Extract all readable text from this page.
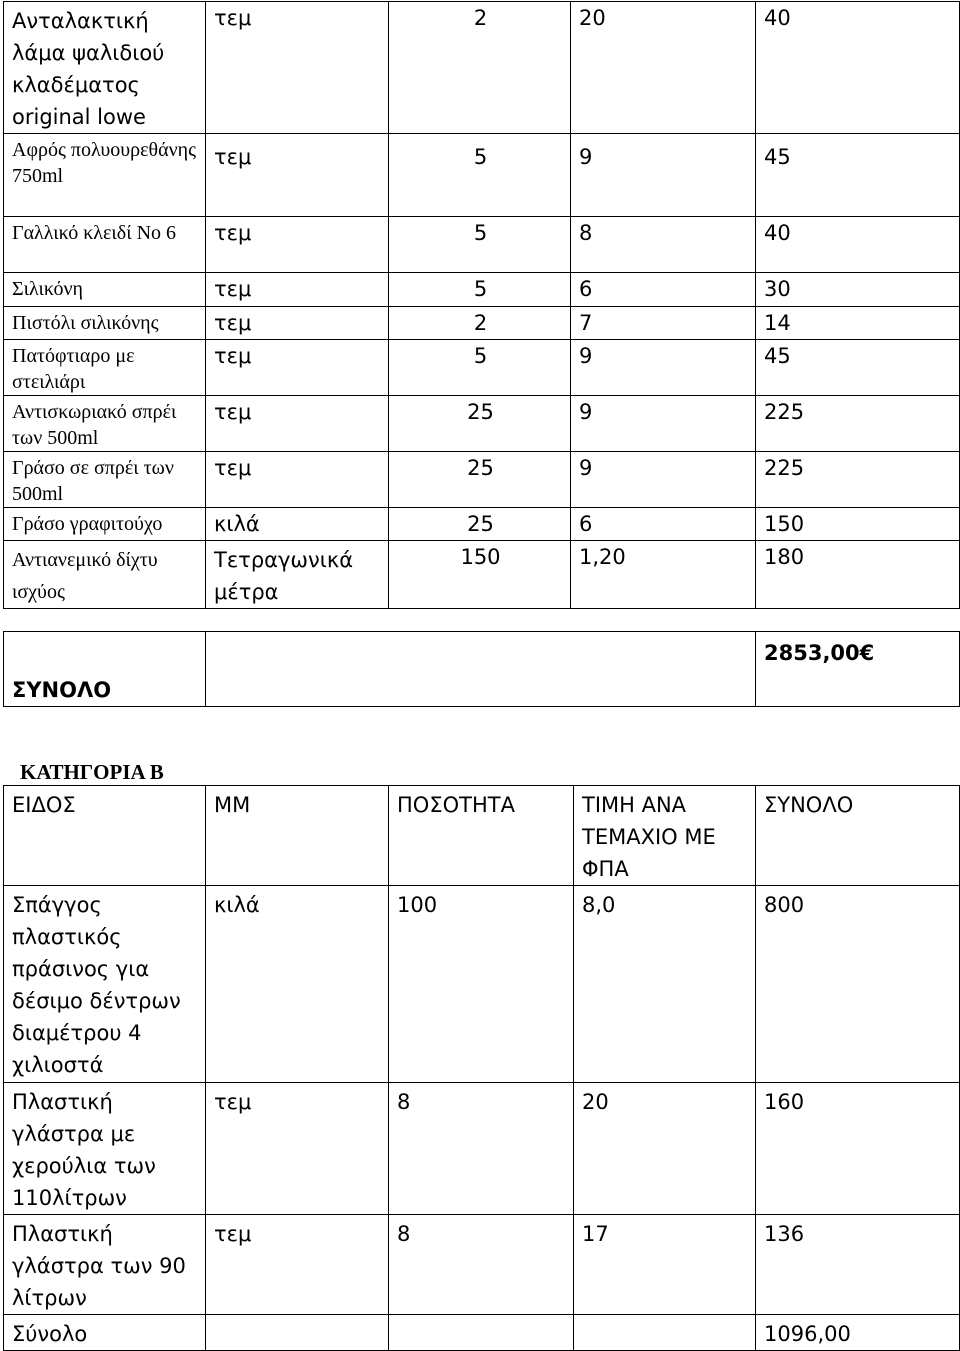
Ανταλακτική λάμα ψαλιδιού κλαδέματος original lowe	τεμ	2	20	40
Αφρός πολυουρεθάνης 750ml	τεμ	5	9	45
Γαλλικό κλειδί Νο 6	τεμ	5	8	40
Σιλικόνη	τεμ	5	6	30
Πιστόλι σιλικόνης	τεμ	2	7	14
Πατόφτιαρο με στειλιάρι	τεμ	5	9	45
Αντισκωριακό σπρέι των 500ml	τεμ	25	9	225
Γράσο σε σπρέι των 500ml	τεμ	25	9	225
Γράσο γραφιτούχο	κιλά	25	6	150
Αντιανεμικό δίχτυ ισχύος	Τετραγωνικά μέτρα	150	1,20	180
ΣΥΝΟΛΟ		2853,00€
ΚΑΤΗΓΟΡΙΑ Β
ΕΙΔΟΣ	ΜΜ	ΠΟΣΟΤΗΤΑ	ΤΙΜΗ ΑΝΑ ΤΕΜΑΧΙΟ ΜΕ ΦΠΑ	ΣΥΝΟΛΟ
Σπάγγος πλαστικός πράσινος για δέσιμο δέντρων διαμέτρου 4 χιλιοστά	κιλά	100	8,0	800
Πλαστική γλάστρα με χερούλια των 110λίτρων	τεμ	8	20	160
Πλαστική γλάστρα των 90 λίτρων	τεμ	8	17	136
Σύνολο				1096,00
